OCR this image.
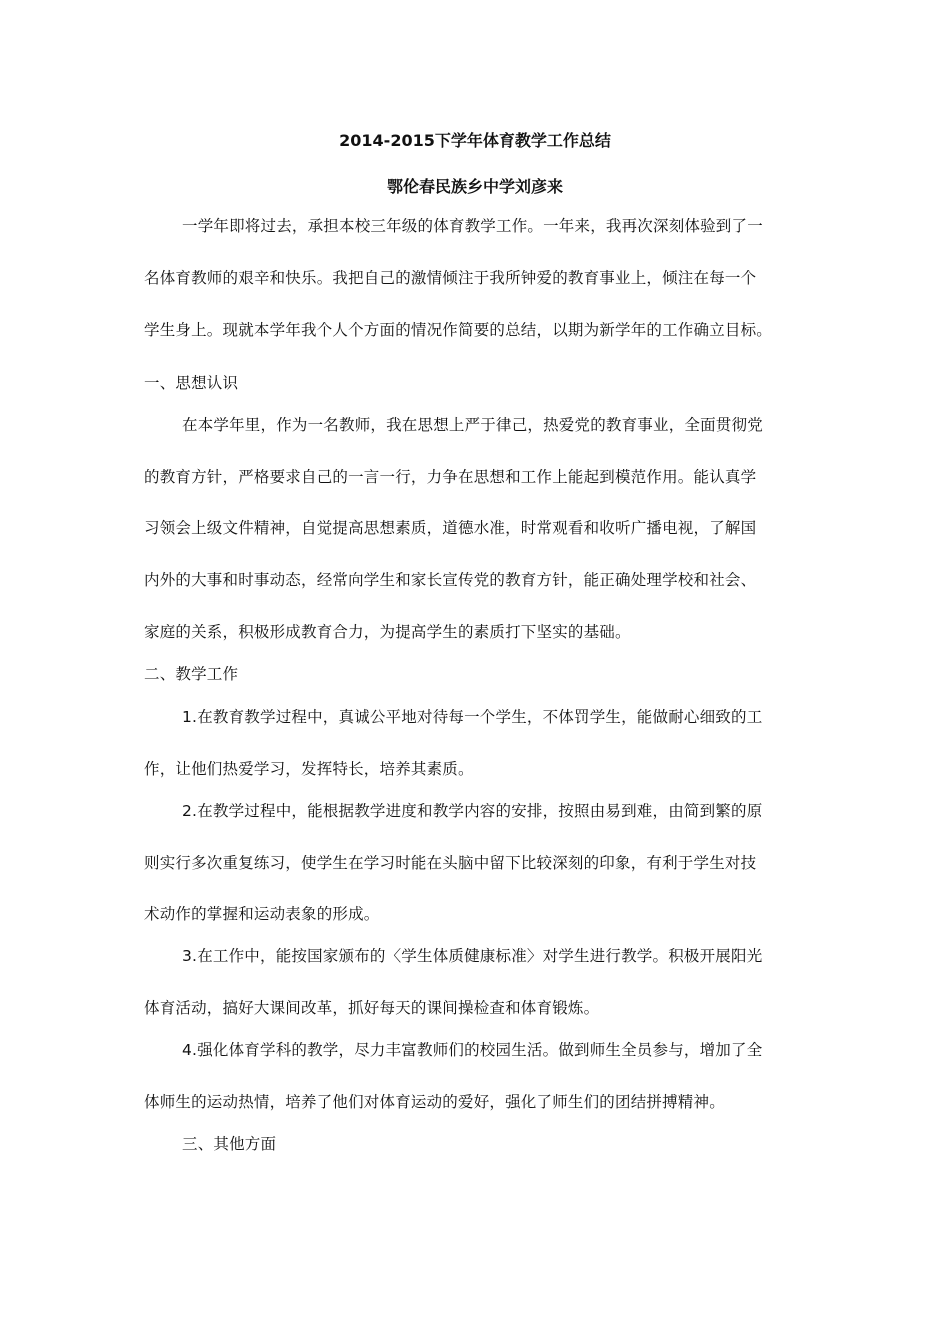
2014-2015下学年体育教学工作总结
鄂伦春民族乡中学刘彦来
一学年即将过去，承担本校三年级的体育教学工作。一年来，我再次深刻体验到了一
名体育教师的艰辛和快乐。我把自己的激情倾注于我所钟爱的教育事业上，倾注在每一个
学生身上。现就本学年我个人个方面的情况作简要的总结，以期为新学年的工作确立目标。
一、思想认识
在本学年里，作为一名教师，我在思想上严于律己，热爱党的教育事业，全面贯彻党
的教育方针，严格要求自己的一言一行，力争在思想和工作上能起到模范作用。能认真学
习领会上级文件精神，自觉提高思想素质，道德水准，时常观看和收听广播电视，了解国
内外的大事和时事动态，经常向学生和家长宣传党的教育方针，能正确处理学校和社会、
家庭的关系，积极形成教育合力，为提高学生的素质打下坚实的基础。
二、教学工作
1.在教育教学过程中，真诚公平地对待每一个学生，不体罚学生，能做耐心细致的工
作，让他们热爱学习，发挥特长，培养其素质。
2.在教学过程中，能根据教学进度和教学内容的安排，按照由易到难，由简到繁的原
则实行多次重复练习，使学生在学习时能在头脑中留下比较深刻的印象，有利于学生对技
术动作的掌握和运动表象的形成。
3.在工作中，能按国家颁布的〈学生体质健康标准〉对学生进行教学。积极开展阳光
体育活动，搞好大课间改革，抓好每天的课间操检查和体育锻炼。
4.强化体育学科的教学，尽力丰富教师们的校园生活。做到师生全员参与，增加了全
体师生的运动热情，培养了他们对体育运动的爱好，强化了师生们的团结拼搏精神。
三、其他方面
